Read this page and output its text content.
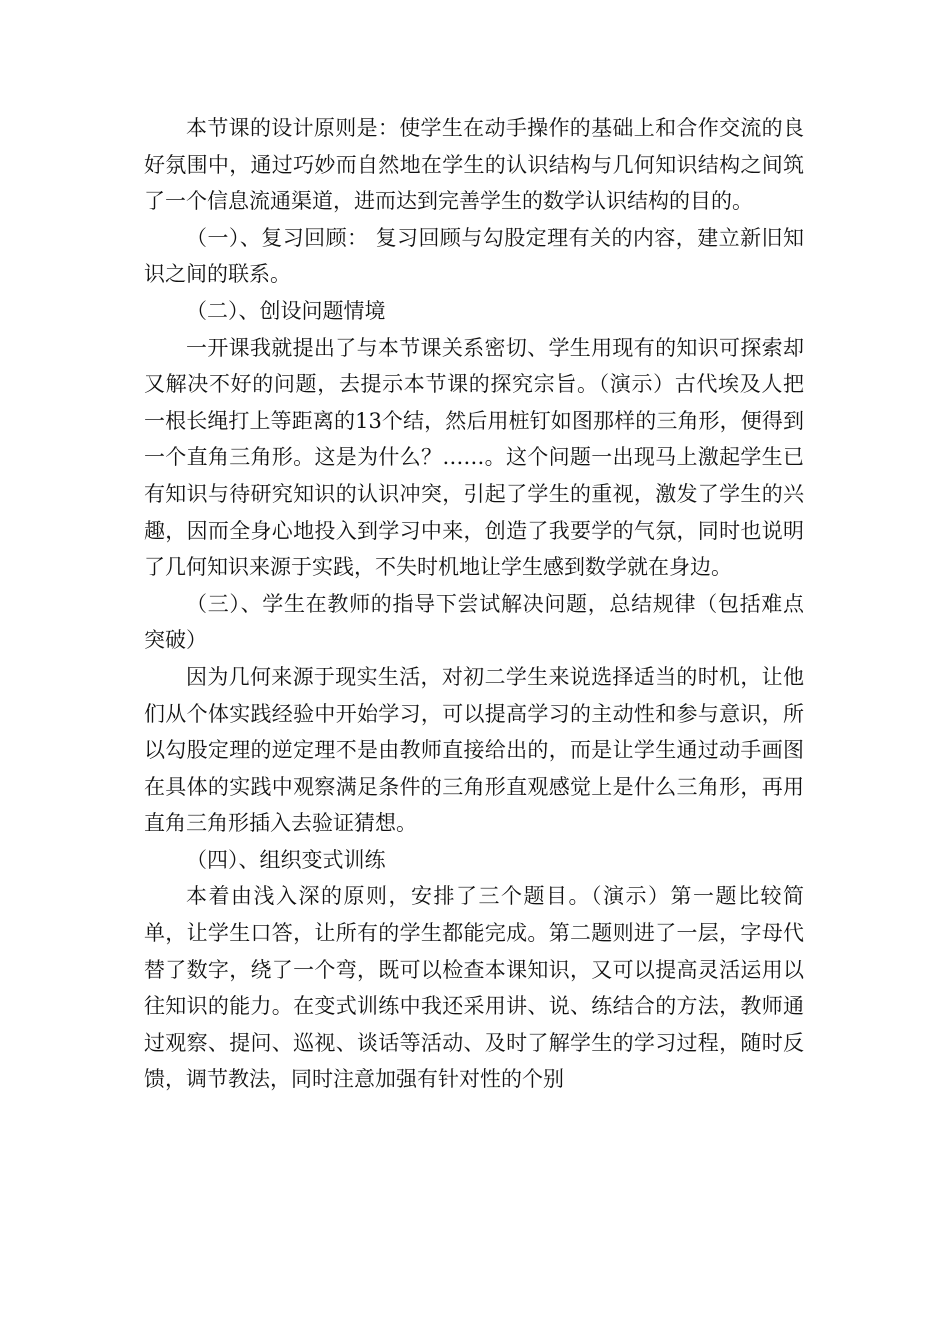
本节课的设计原则是：使学生在动手操作的基础上和合作交流的良好氛围中，通过巧妙而自然地在学生的认识结构与几何知识结构之间筑了一个信息流通渠道，进而达到完善学生的数学认识结构的目的。

（一）、复习回顾： 复习回顾与勾股定理有关的内容，建立新旧知识之间的联系。

（二）、创设问题情境

一开课我就提出了与本节课关系密切、学生用现有的知识可探索却又解决不好的问题，去提示本节课的探究宗旨。（演示）古代埃及人把一根长绳打上等距离的13个结，然后用桩钉如图那样的三角形，便得到一个直角三角形。这是为什么？……。这个问题一出现马上激起学生已有知识与待研究知识的认识冲突，引起了学生的重视，激发了学生的兴趣，因而全身心地投入到学习中来，创造了我要学的气氛，同时也说明了几何知识来源于实践，不失时机地让学生感到数学就在身边。

（三）、学生在教师的指导下尝试解决问题，总结规律（包括难点突破）

因为几何来源于现实生活，对初二学生来说选择适当的时机，让他们从个体实践经验中开始学习，可以提高学习的主动性和参与意识，所以勾股定理的逆定理不是由教师直接给出的，而是让学生通过动手画图在具体的实践中观察满足条件的三角形直观感觉上是什么三角形，再用直角三角形插入去验证猜想。

（四）、组织变式训练

本着由浅入深的原则，安排了三个题目。（演示）第一题比较简单，让学生口答，让所有的学生都能完成。第二题则进了一层，字母代替了数字，绕了一个弯，既可以检查本课知识，又可以提高灵活运用以往知识的能力。在变式训练中我还采用讲、说、练结合的方法，教师通过观察、提问、巡视、谈话等活动、及时了解学生的学习过程，随时反馈，调节教法，同时注意加强有针对性的个别
